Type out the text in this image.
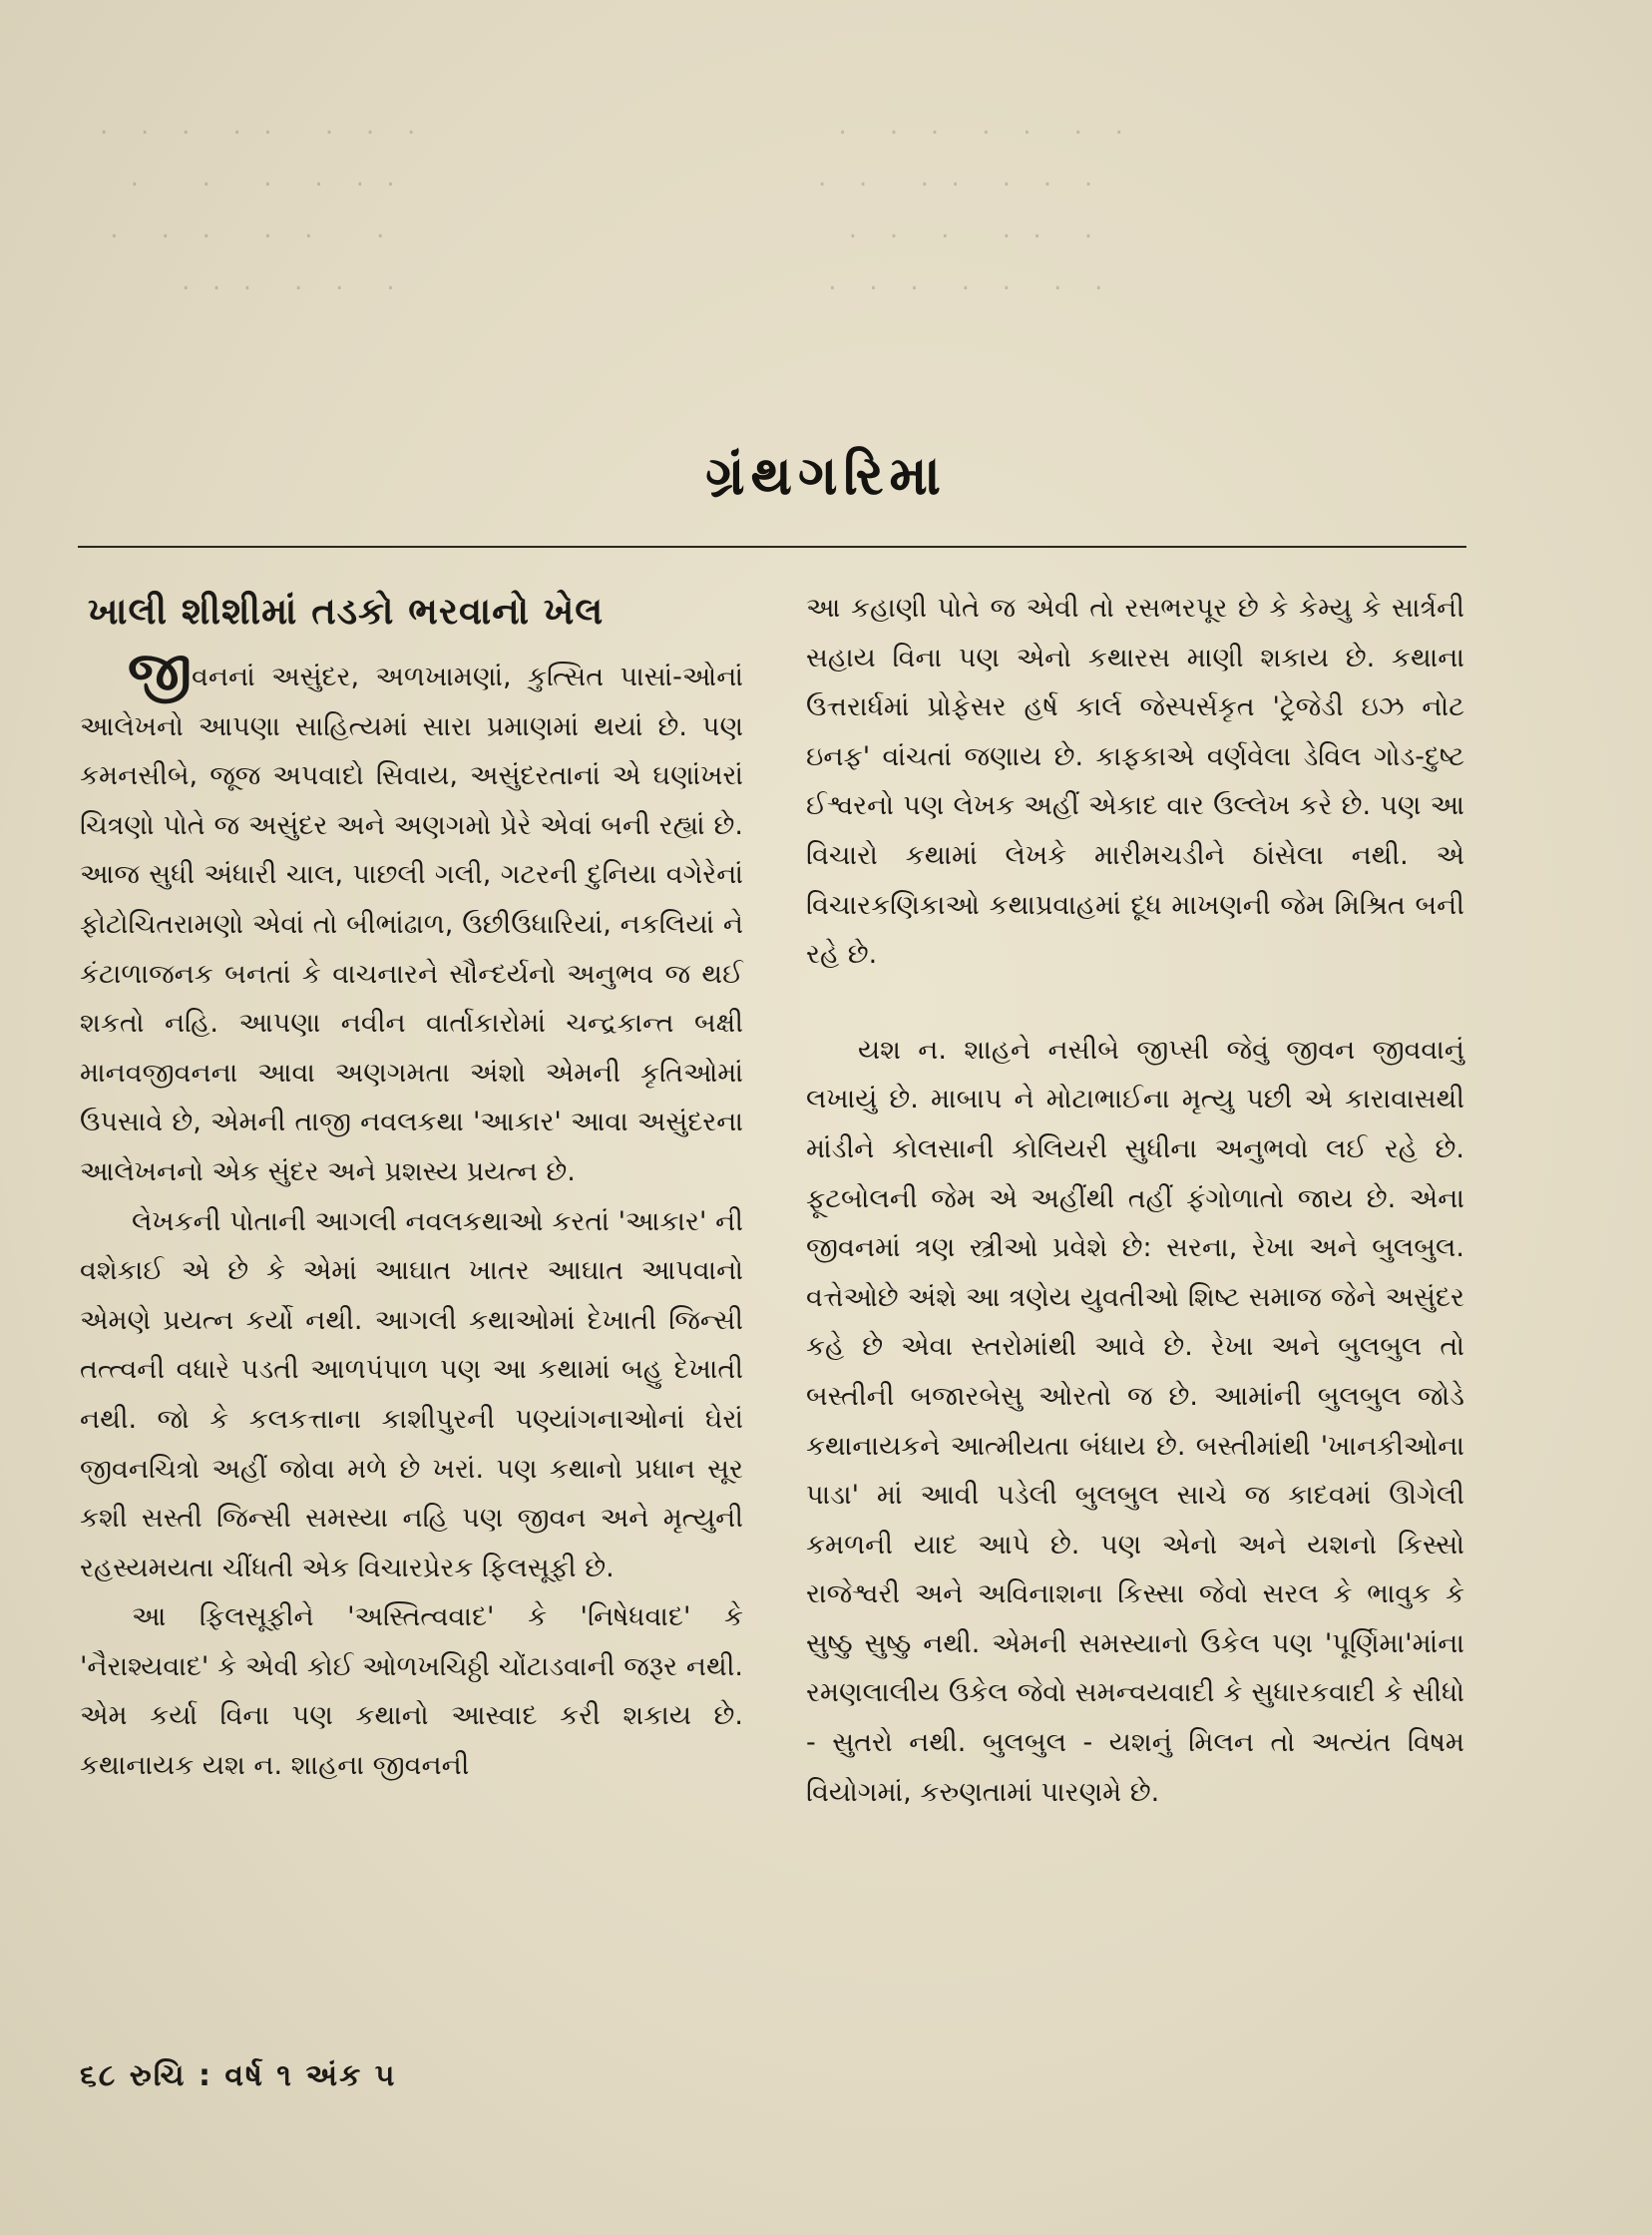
.   .   .    .  .     .   .   .
.      .     .    .   .  .
.    .   .     .   .      .
.  .  .    .   .    .
.    .   .    .   .    .   .
.   .     .  .    .   .   .
.   .    .     .  .    .
.   .   .    .   .    .   .
ગ્રંથગરિમા
ખાલી શીશીમાં તડકો ભરવાનો ખેલ

જીવનનાં અસુંદર, અળખામણાં, કુત્સિત પાસાં-ઓનાં આલેખનો આપણા સાહિત્યમાં સારા પ્રમાણમાં થયાં છે. પણ કમનસીબે, જૂજ અપવાદો સિવાય, અસુંદરતાનાં એ ઘણાંખરાં ચિત્રણો પોતે જ અસુંદર અને અણગમો પ્રેરે એવાં બની રહ્યાં છે. આજ સુધી અંધારી ચાલ, પાછલી ગલી, ગટરની દુનિયા વગેરેનાં ફોટોચિતરામણો એવાં તો બીભાંઢાળ, ઉછીઉધારિયાં, નકલિયાં ને કંટાળાજનક બનતાં કે વાચનારને સૌન્દર્યનો અનુભવ જ થઈ શકતો નહિ. આપણા નવીન વાર્તાકારોમાં ચન્દ્રકાન્ત બક્ષી માનવજીવનના આવા અણગમતા અંશો એમની કૃતિઓમાં ઉપસાવે છે, એમની તાજી નવલકથા 'આકાર' આવા અસુંદરના આલેખનનો એક સુંદર અને પ્રશસ્ય પ્રયત્ન છે.

લેખકની પોતાની આગલી નવલકથાઓ કરતાં 'આકાર' ની વશેકાઈ એ છે કે એમાં આઘાત ખાતર આઘાત આપવાનો એમણે પ્રયત્ન કર્યો નથી. આગલી કથાઓમાં દેખાતી જિન્સી તત્ત્વની વધારે પડતી આળપંપાળ પણ આ કથામાં બહુ દેખાતી નથી. જો કે કલકત્તાના કાશીપુરની પણ્યાંગનાઓનાં ઘેરાં જીવનચિત્રો અહીં જોવા મળે છે ખરાં. પણ કથાનો પ્રધાન સૂર કશી સસ્તી જિન્સી સમસ્યા નહિ પણ જીવન અને મૃત્યુની રહસ્યમયતા ચીંધતી એક વિચારપ્રેરક ફિલસૂફી છે.

આ ફિલસૂફીને 'અસ્તિત્વવાદ' કે 'નિષેધવાદ' કે 'નૈરાશ્યવાદ' કે એવી કોઈ ઓળખચિઠ્ઠી ચોંટાડવાની જરૂર નથી. એમ કર્યા વિના પણ કથાનો આસ્વાદ કરી શકાય છે. કથાનાયક યશ ન. શાહના જીવનની

આ કહાણી પોતે જ એવી તો રસભરપૂર છે કે કેમ્યુ કે સાર્ત્રની સહાય વિના પણ એનો કથારસ માણી શકાય છે. કથાના ઉત્તરાર્ધમાં પ્રોફેસર હર્ષ કાર્લ જેસ્પર્સકૃત 'ટ્રેજેડી ઇઝ નોટ ઇનફ' વાંચતાં જણાય છે. કાફકાએ વર્ણવેલા ડેવિલ ગોડ-દુષ્ટ ઈશ્વરનો પણ લેખક અહીં એકાદ વાર ઉલ્લેખ કરે છે. પણ આ વિચારો કથામાં લેખકે મારીમચડીને ઠાંસેલા નથી. એ વિચારકણિકાઓ કથાપ્રવાહમાં દૂધ માખણની જેમ મિશ્રિત બની રહે છે.

યશ ન. શાહને નસીબે જીપ્સી જેવું જીવન જીવવાનું લખાયું છે. માબાપ ને મોટાભાઈના મૃત્યુ પછી એ કારાવાસથી માંડીને કોલસાની કોલિયરી સુધીના અનુભવો લઈ રહે છે. ફૂટબોલની જેમ એ અહીંથી તહીં ફંગોળાતો જાય છે. એના જીવનમાં ત્રણ સ્ત્રીઓ પ્રવેશે છે: સરના, રેખા અને બુલબુલ. વત્તેઓછે અંશે આ ત્રણેય યુવતીઓ શિષ્ટ સમાજ જેને અસુંદર કહે છે એવા સ્તરોમાંથી આવે છે. રેખા અને બુલબુલ તો બસ્તીની બજારબેસુ ઓરતો જ છે. આમાંની બુલબુલ જોડે કથાનાયકને આત્મીયતા બંધાય છે. બસ્તીમાંથી 'ખાનકીઓના પાડા' માં આવી પડેલી બુલબુલ સાચે જ કાદવમાં ઊગેલી કમળની યાદ આપે છે. પણ એનો અને યશનો કિસ્સો રાજેશ્વરી અને અવિનાશના કિસ્સા જેવો સરલ કે ભાવુક કે સુષ્ઠુ સુષ્ઠુ નથી. એમની સમસ્યાનો ઉકેલ પણ 'પૂર્ણિમા'માંના રમણલાલીય ઉકેલ જેવો સમન્વયવાદી કે સુધારકવાદી કે સીધો - સુતરો નથી. બુલબુલ - યશનું મિલન તો અત્યંત વિષમ વિયોગમાં, કરુણતામાં પારણમે છે.

૬૮ રુચિ : વર્ષ ૧ અંક ૫
